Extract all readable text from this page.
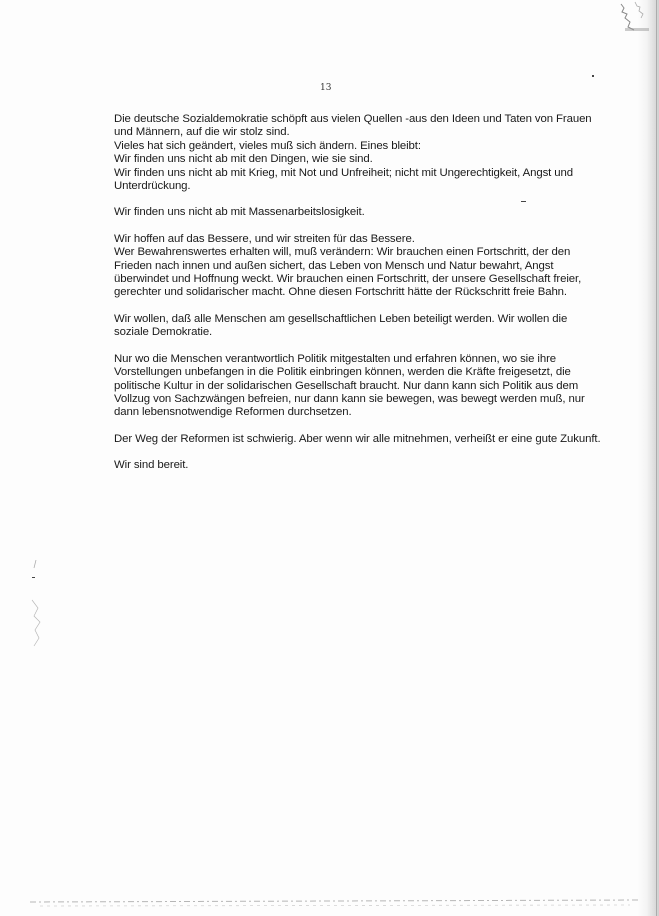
13

Die deutsche Sozialdemokratie schöpft aus vielen Quellen -aus den Ideen und Taten von Frauen
und Männern, auf die wir stolz sind.
Vieles hat sich geändert, vieles muß sich ändern. Eines bleibt:
Wir finden uns nicht ab mit den Dingen, wie sie sind.
Wir finden uns nicht ab mit Krieg, mit Not und Unfreiheit; nicht mit Ungerechtigkeit, Angst und
Unterdrückung.

Wir finden uns nicht ab mit Massenarbeitslosigkeit.

Wir hoffen auf das Bessere, und wir streiten für das Bessere.
Wer Bewahrenswertes erhalten will, muß verändern: Wir brauchen einen Fortschritt, der den
Frieden nach innen und außen sichert, das Leben von Mensch und Natur bewahrt, Angst
überwindet und Hoffnung weckt. Wir brauchen einen Fortschritt, der unsere Gesellschaft freier,
gerechter und solidarischer macht. Ohne diesen Fortschritt hätte der Rückschritt freie Bahn.

Wir wollen, daß alle Menschen am gesellschaftlichen Leben beteiligt werden. Wir wollen die
soziale Demokratie.

Nur wo die Menschen verantwortlich Politik mitgestalten und erfahren können, wo sie ihre
Vorstellungen unbefangen in die Politik einbringen können, werden die Kräfte freigesetzt, die
politische Kultur in der solidarischen Gesellschaft braucht. Nur dann kann sich Politik aus dem
Vollzug von Sachzwängen befreien, nur dann kann sie bewegen, was bewegt werden muß, nur
dann lebensnotwendige Reformen durchsetzen.

Der Weg der Reformen ist schwierig. Aber wenn wir alle mitnehmen, verheißt er eine gute Zukunft.

Wir sind bereit.
